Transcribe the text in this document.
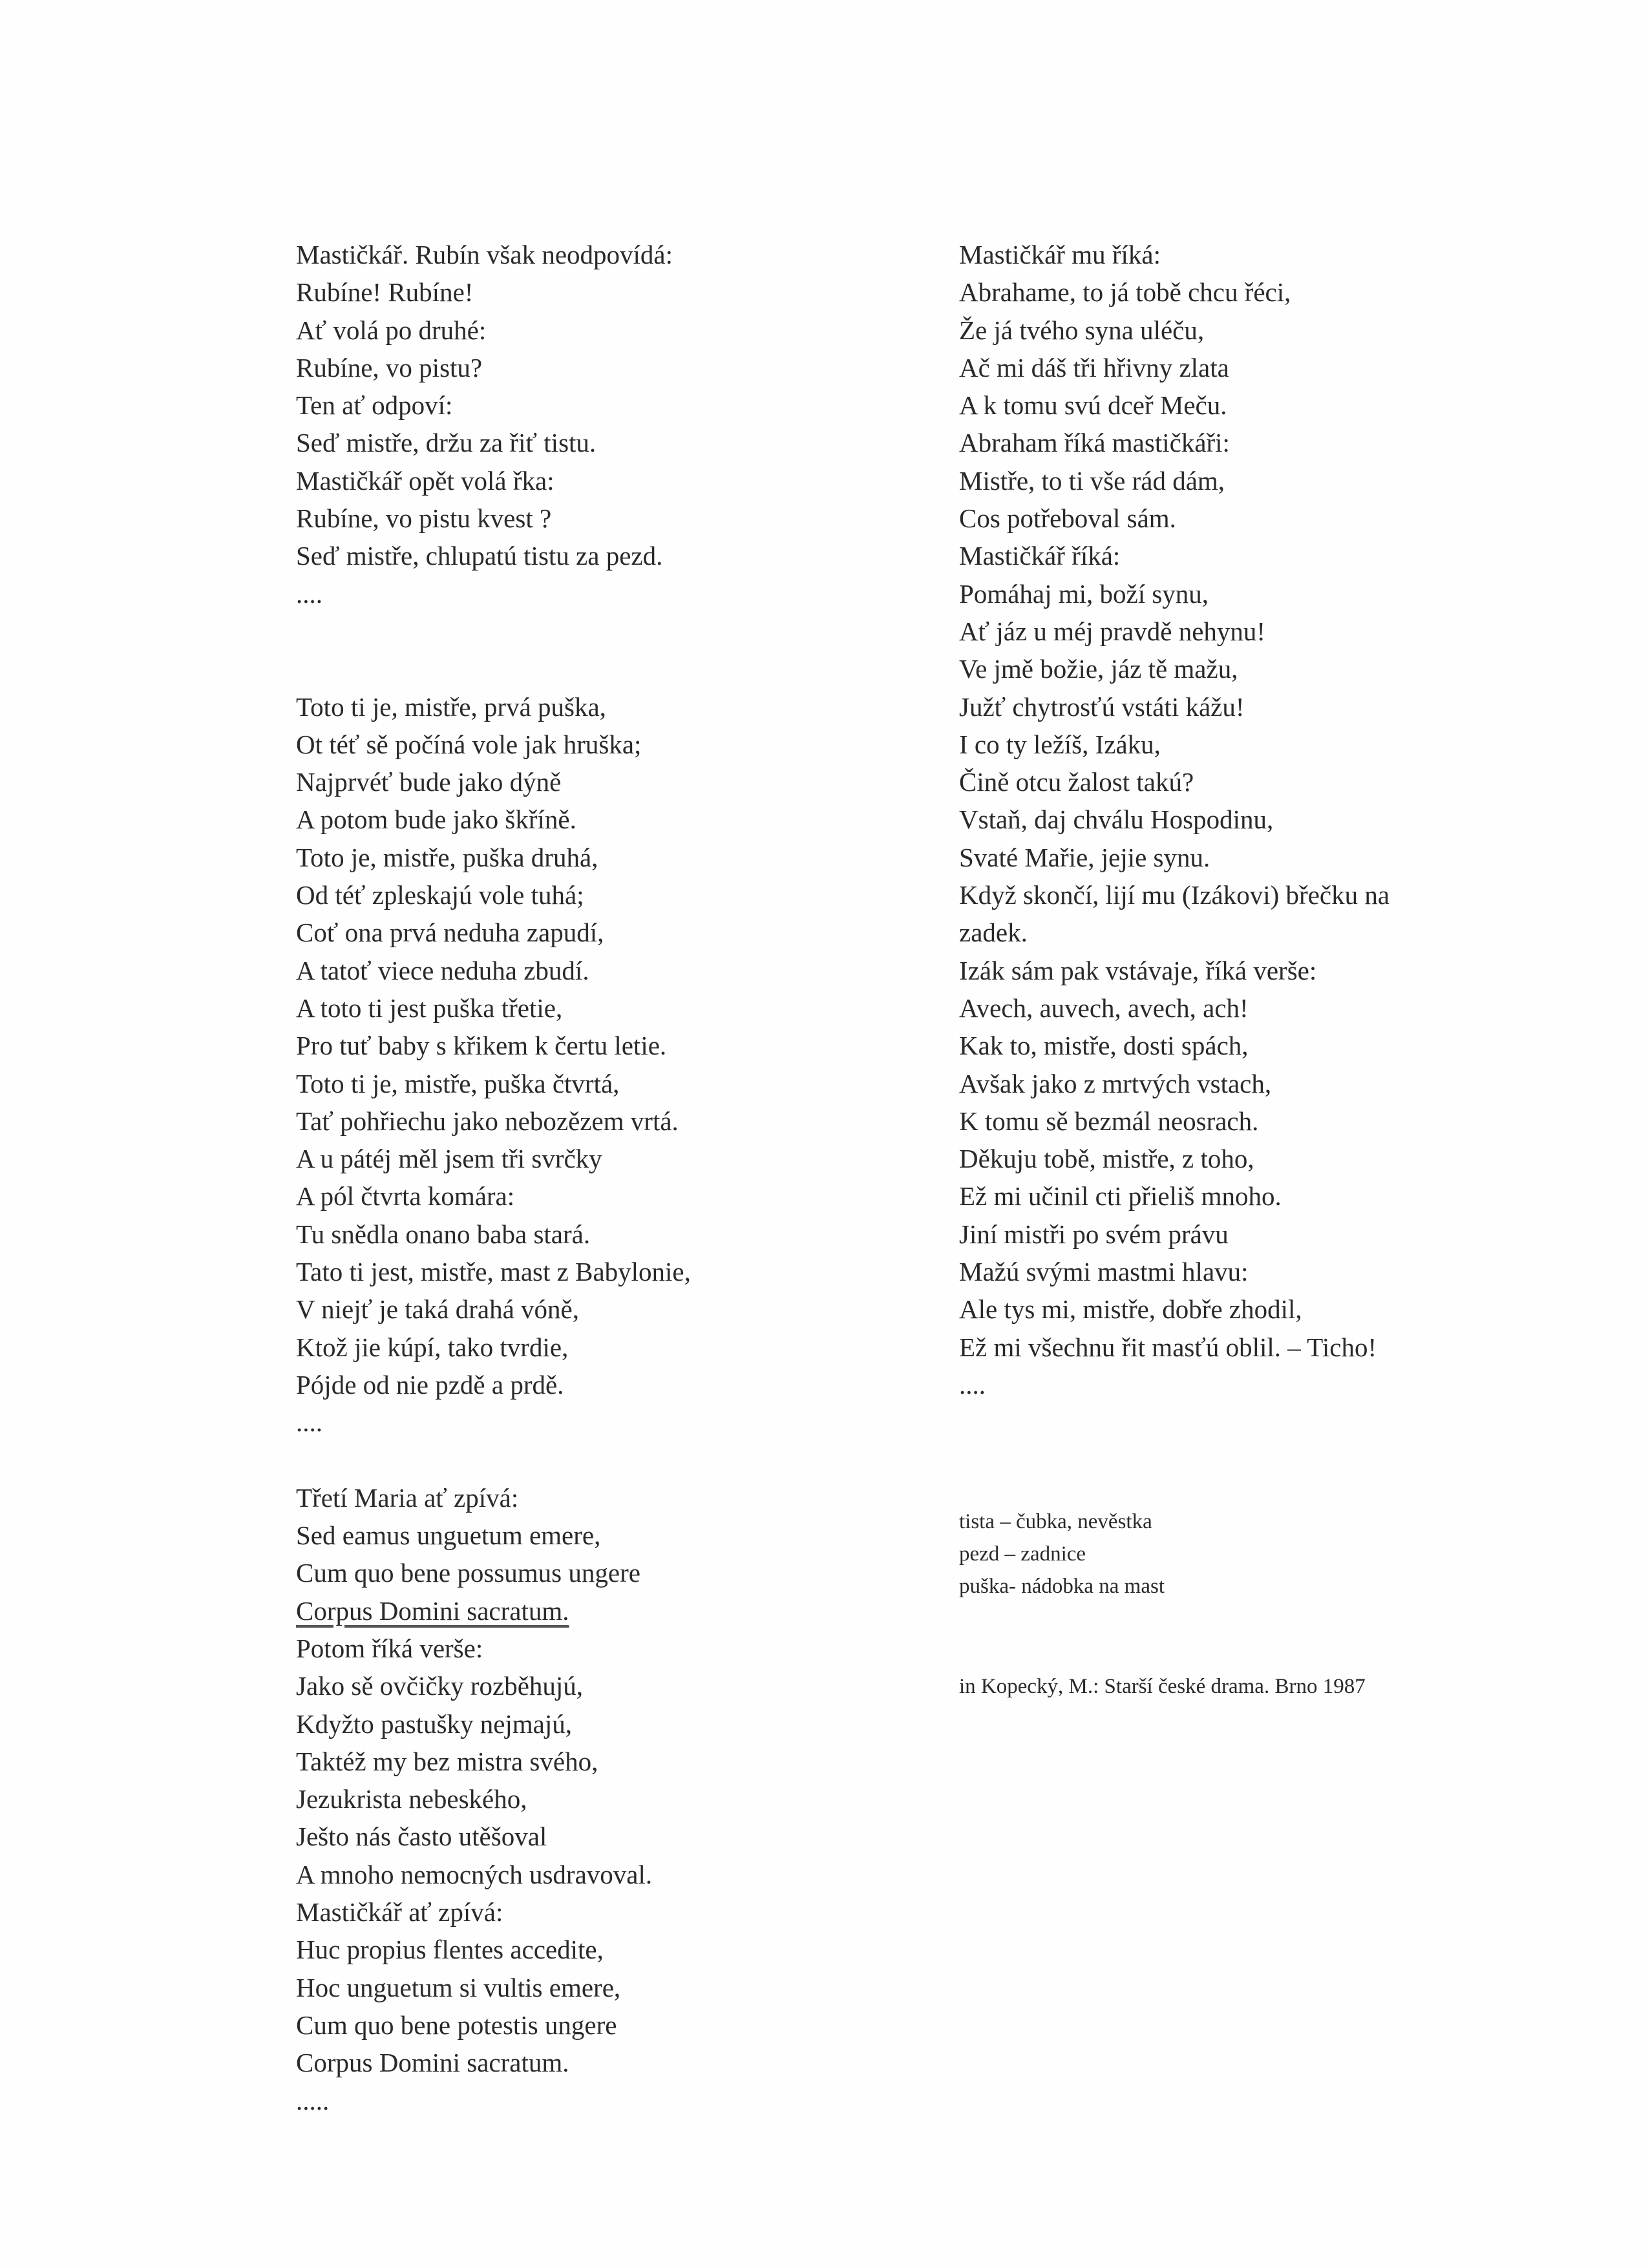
Mastičkář. Rubín však neodpovídá:
Rubíne! Rubíne!
Ať volá po druhé:
Rubíne, vo pistu?
Ten ať odpoví:
Seď mistře, držu za řiť tistu.
Mastičkář opět volá řka:
Rubíne, vo pistu kvest ?
Seď mistře, chlupatú tistu za pezd.
....
Toto ti je, mistře, prvá puška,
Ot téť sě počíná vole jak hruška;
Najprvéť bude jako dýně
A potom bude jako škříně.
Toto je, mistře, puška druhá,
Od téť zpleskajú vole tuhá;
Coť ona prvá neduha zapudí,
A tatoť viece neduha zbudí.
A toto ti jest puška třetie,
Pro tuť baby s křikem k čertu letie.
Toto ti je, mistře, puška čtvrtá,
Tať pohřiechu jako nebozězem vrtá.
A u pátéj měl jsem tři svrčky
A pól čtvrta komára:
Tu snědla onano baba stará.
Tato ti jest, mistře, mast z Babylonie,
V niejť je taká drahá vóně,
Ktož jie kúpí, tako tvrdie,
Pójde od nie pzdě a prdě.
....
Třetí Maria ať zpívá:
Sed eamus unguetum emere,
Cum quo bene possumus ungere
Corpus Domini sacratum.
Potom říká verše:
Jako sě ovčičky rozběhujú,
Kdyžto pastušky nejmajú,
Taktéž my bez mistra svého,
Jezukrista nebeského,
Ješto nás často utěšoval
A mnoho nemocných usdravoval.
Mastičkář ať zpívá:
Huc propius flentes accedite,
Hoc unguetum si vultis emere,
Cum quo bene potestis ungere
Corpus Domini sacratum.
.....
Mastičkář mu říká:
Abrahame, to já tobě chcu řéci,
Že já tvého syna uléču,
Ač mi dáš tři hřivny zlata
A k tomu svú dceř Meču.
Abraham říká mastičkáři:
Mistře, to ti vše rád dám,
Cos potřeboval sám.
Mastičkář říká:
Pomáhaj mi, boží synu,
Ať jáz u méj pravdě nehynu!
Ve jmě božie, jáz tě mažu,
Južť chytrosťú vstáti kážu!
I co ty ležíš, Izáku,
Čině otcu žalost takú?
Vstaň, daj chválu Hospodinu,
Svaté Mařie, jejie synu.
Když skončí, lijí mu (Izákovi) břečku na
zadek.
Izák sám pak vstávaje, říká verše:
Avech, auvech, avech, ach!
Kak to, mistře, dosti spách,
Avšak jako z mrtvých vstach,
K tomu sě bezmál neosrach.
Děkuju tobě, mistře, z toho,
Ež mi učinil cti přieliš mnoho.
Jiní mistři po svém právu
Mažú svými mastmi hlavu:
Ale tys mi, mistře, dobře zhodil,
Ež mi všechnu řit masťú oblil. – Ticho!
....
tista – čubka, nevěstka
pezd – zadnice
puška- nádobka na mast
in Kopecký, M.: Starší české drama. Brno 1987
